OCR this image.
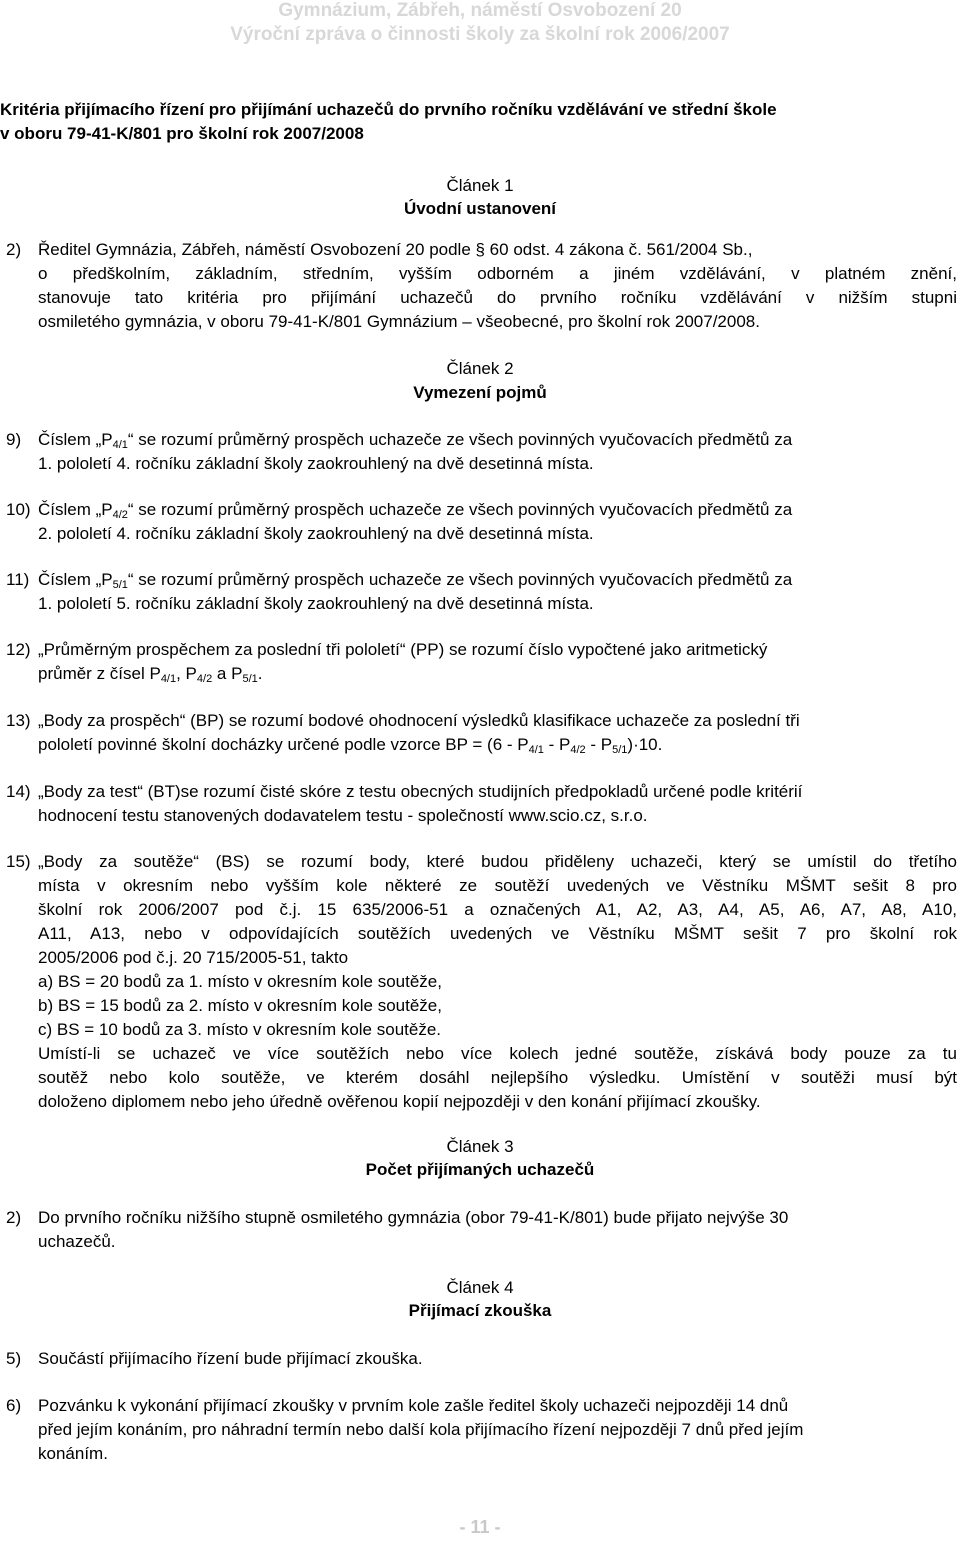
Gymnázium, Zábřeh, náměstí Osvobození 20
Výroční zpráva o činnosti školy za školní rok 2006/2007
Kritéria přijímacího řízení pro přijímání uchazečů do prvního ročníku vzdělávání ve střední škole
v oboru 79-41-K/801 pro školní rok 2007/2008
Článek 1
Úvodní ustanovení
2) Ředitel Gymnázia, Zábřeh, náměstí Osvobození 20 podle § 60 odst. 4 zákona č. 561/2004 Sb.,
o předškolním, základním, středním, vyšším odborném a jiném vzdělávání, v platném znění,
stanovuje tato kritéria pro přijímání uchazečů do prvního ročníku vzdělávání v nižším stupni
osmiletého gymnázia, v oboru 79-41-K/801 Gymnázium – všeobecné, pro školní rok 2007/2008.
Článek 2
Vymezení pojmů
9) Číslem $„P_{4/1}“$ se rozumí průměrný prospěch uchazeče ze všech povinných vyučovacích předmětů za
1. pololetí 4. ročníku základní školy zaokrouhlený na dvě desetinná místa.
10) Číslem $„P_{4/2}“$ se rozumí průměrný prospěch uchazeče ze všech povinných vyučovacích předmětů za
2. pololetí 4. ročníku základní školy zaokrouhlený na dvě desetinná místa.
11) Číslem $„P_{5/1}“$ se rozumí průměrný prospěch uchazeče ze všech povinných vyučovacích předmětů za
1. pololetí 5. ročníku základní školy zaokrouhlený na dvě desetinná místa.
12) „Průměrným prospěchem za poslední tři pololetí“ (PP) se rozumí číslo vypočtené jako aritmetický
průměr z čísel $P_{4/1}$, $P_{4/2}$ a $P_{5/1}$.
13) „Body za prospěch“ (BP) se rozumí bodové ohodnocení výsledků klasifikace uchazeče za poslední tři
pololetí povinné školní docházky určené podle vzorce BP = $(6 - P_{4/1} - P_{4/2} - P_{5/1})\cdot 10$.
14) „Body za test“ (BT)se rozumí čisté skóre z testu obecných studijních předpokladů určené podle kritérií
hodnocení testu stanovených dodavatelem testu - společností www.scio.cz, s.r.o.
15) „Body za soutěže“ (BS) se rozumí body, které budou přiděleny uchazeči, který se umístil do třetího
místa v okresním nebo vyšším kole některé ze soutěží uvedených ve Věstníku MŠMT sešit 8 pro
školní rok 2006/2007 pod č.j. 15 635/2006-51 a označených A1, A2, A3, A4, A5, A6, A7, A8, A10,
A11, A13, nebo v odpovídajících soutěžích uvedených ve Věstníku MŠMT sešit 7 pro školní rok
2005/2006 pod č.j. 20 715/2005-51, takto
a) BS = 20 bodů za 1. místo v okresním kole soutěže,
b) BS = 15 bodů za 2. místo v okresním kole soutěže,
c) BS = 10 bodů za 3. místo v okresním kole soutěže.
Umístí-li se uchazeč ve více soutěžích nebo více kolech jedné soutěže, získává body pouze za tu
soutěž nebo kolo soutěže, ve kterém dosáhl nejlepšího výsledku. Umístění v soutěži musí být
doloženo diplomem nebo jeho úředně ověřenou kopií nejpozději v den konání přijímací zkoušky.
Článek 3
Počet přijímaných uchazečů
2) Do prvního ročníku nižšího stupně osmiletého gymnázia (obor 79-41-K/801) bude přijato nejvýše 30
uchazečů.
Článek 4
Přijímací zkouška
5) Součástí přijímacího řízení bude přijímací zkouška.
6) Pozvánku k vykonání přijímací zkoušky v prvním kole zašle ředitel školy uchazeči nejpozději 14 dnů
před jejím konáním, pro náhradní termín nebo další kola přijímacího řízení nejpozději 7 dnů před jejím
konáním.
- 11 -
